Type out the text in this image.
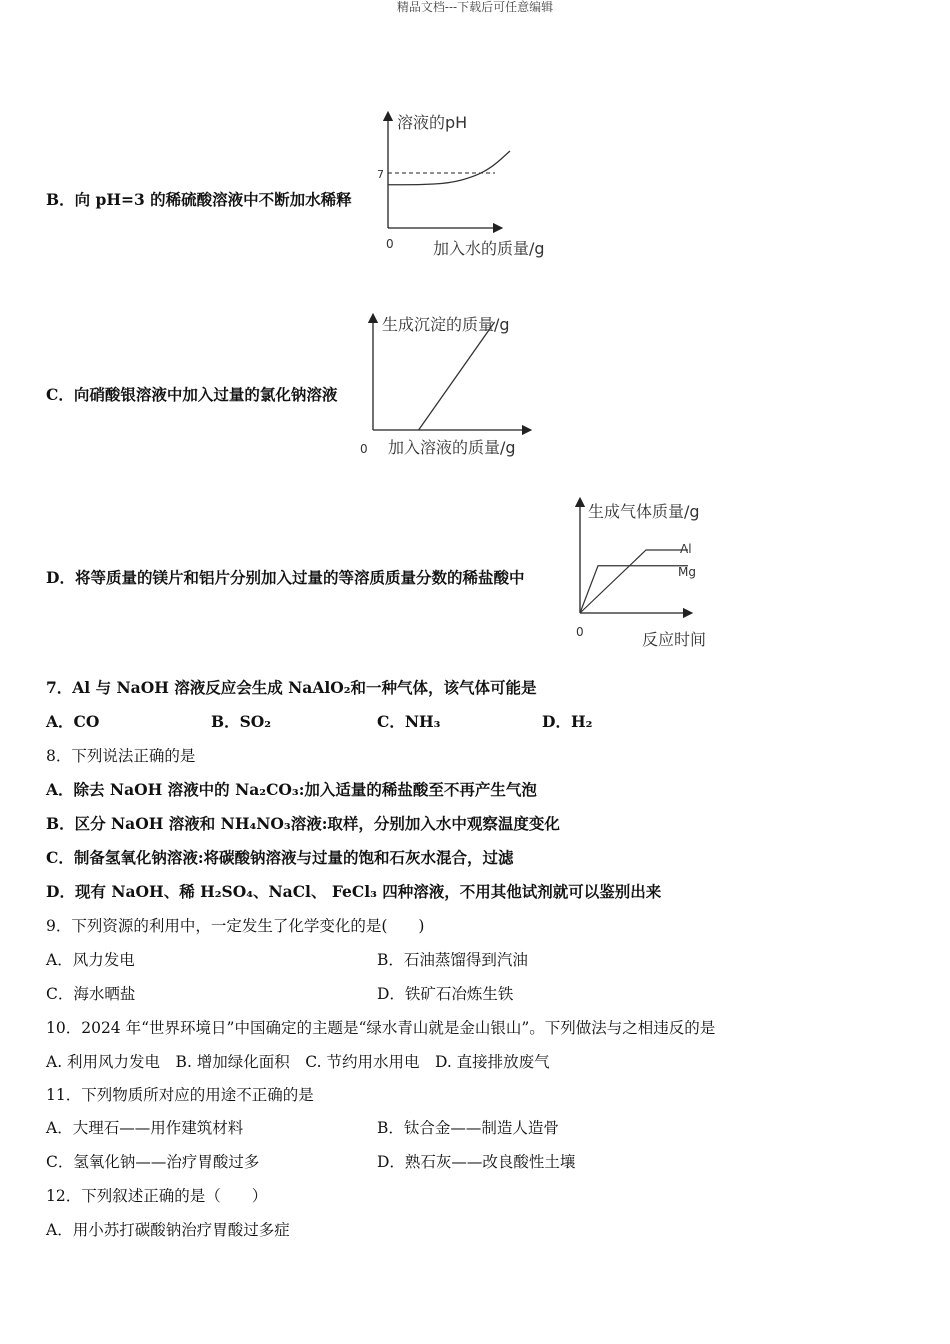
精品文档---下载后可任意编辑
B．向 pH=3 的稀硫酸溶液中不断加水稀释
溶液的pH
7
0 加入水的质量/g
C．向硝酸银溶液中加入过量的氯化钠溶液
生成沉淀的质量/g
0 加入溶液的质量/g
D．将等质量的镁片和铝片分别加入过量的等溶质质量分数的稀盐酸中
生成气体质量/g
Al
Mg
0	反应时间
7．Al 与 NaOH 溶液反应会生成 NaAlO₂和一种气体，该气体可能是
A．CO	B．SO₂	C．NH₃	D．H₂
8．下列说法正确的是
A．除去 NaOH 溶液中的 Na₂CO₃:加入适量的稀盐酸至不再产生气泡
B．区分 NaOH 溶液和 NH₄NO₃溶液:取样，分别加入水中观察温度变化
C．制备氢氧化钠溶液:将碳酸钠溶液与过量的饱和石灰水混合，过滤
D．现有 NaOH、稀 H₂SO₄、NaCl、 FeCl₃ 四种溶液，不用其他试剂就可以鉴别出来
9．下列资源的利用中，一定发生了化学变化的是(　　)
A．风力发电	B．石油蒸馏得到汽油
C．海水晒盐	D．铁矿石冶炼生铁
10．2024 年“世界环境日”中国确定的主题是“绿水青山就是金山银山”。下列做法与之相违反的是
A. 利用风力发电　B. 增加绿化面积　C. 节约用水用电　D. 直接排放废气
11．下列物质所对应的用途不正确的是
A．大理石——用作建筑材料	B．钛合金——制造人造骨
C．氢氧化钠——治疗胃酸过多	D．熟石灰——改良酸性土壤
12．下列叙述正确的是（　　）
A．用小苏打碳酸钠治疗胃酸过多症
